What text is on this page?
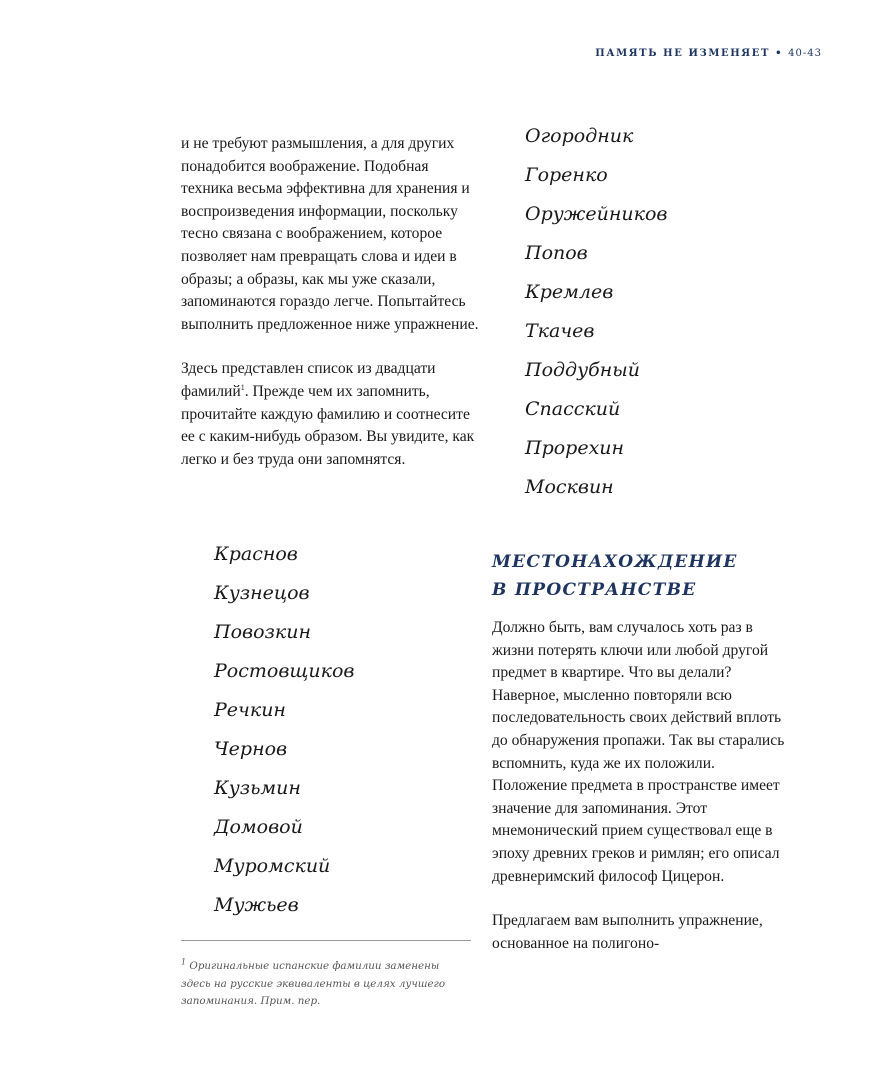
ПАМЯТЬ НЕ ИЗМЕНЯЕТ • 40-43

и не требуют размышления, а для других понадобится воображение. Подобная техника весьма эффективна для хранения и воспроизведения информации, поскольку тесно связана с воображением, которое позволяет нам превращать слова и идеи в образы; а образы, как мы уже сказали, запоминаются гораздо легче. Попытайтесь выполнить предложенное ниже упражнение.

Здесь представлен список из двадцати фамилий$^1$. Прежде чем их запомнить, прочитайте каждую фамилию и соотнесите ее с каким-нибудь образом. Вы увидите, как легко и без труда они запомнятся.

Краснов
Кузнецов
Повозкин
Ростовщиков
Речкин
Чернов
Кузьмин
Домовой
Муромский
Мужьев
Огородник
Горенко
Оружейников
Попов
Кремлев
Ткачев
Поддубный
Спасский
Прорехин
Москвин
МЕСТОНАХОЖДЕНИЕ
В ПРОСТРАНСТВЕ

Должно быть, вам случалось хоть раз в жизни потерять ключи или любой другой предмет в квартире. Что вы делали? Наверное, мысленно повторяли всю последовательность своих действий вплоть до обнаружения пропажи. Так вы старались вспомнить, куда же их положили. Положение предмета в пространстве имеет значение для запоминания. Этот мнемонический прием существовал еще в эпоху древних греков и римлян; его описал древнеримский философ Цицерон.

Предлагаем вам выполнить упражнение, основанное на полигоно-

$^1$ Оригинальные испанские фамилии заменены здесь на русские эквиваленты в целях лучшего запоминания. Прим. пер.
